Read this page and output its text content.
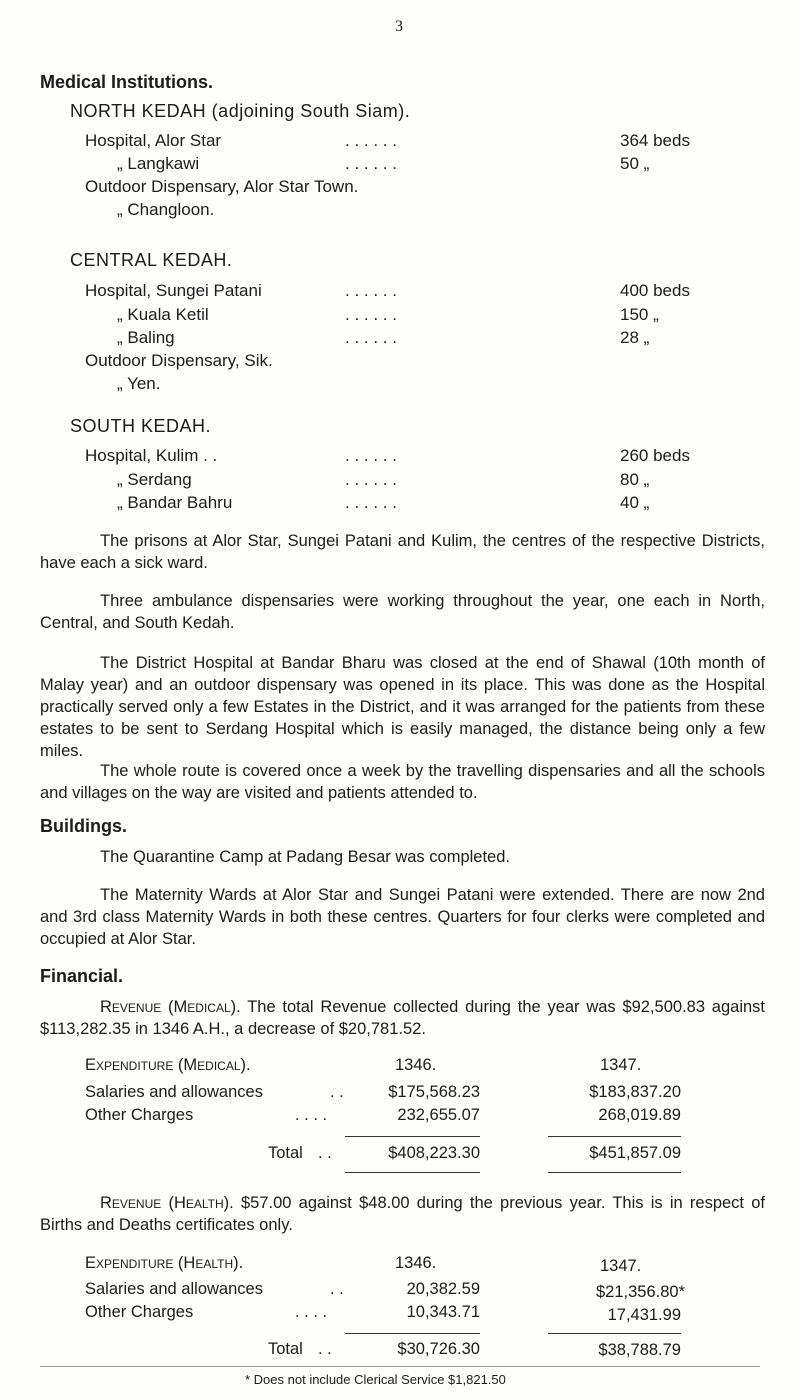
3
Medical Institutions.
NORTH KEDAH (adjoining South Siam).
Hospital, Alor Star	. . . . . .	364 beds
„ Langkawi	. . . . . .	50 „
Outdoor Dispensary, Alor Star Town.
„ Changloon.
CENTRAL KEDAH.
Hospital, Sungei Patani	. . . . . .	400 beds
„ Kuala Ketil	. . . . . .	150 „
„ Baling	. . . . . .	28 „
Outdoor Dispensary, Sik.
„ Yen.
SOUTH KEDAH.
Hospital, Kulim . .	. . . . . .	260 beds
„ Serdang	. . . . . .	80 „
„ Bandar Bahru	. . . . . .	40 „
The prisons at Alor Star, Sungei Patani and Kulim, the centres of the respective Districts, have each a sick ward.
Three ambulance dispensaries were working throughout the year, one each in North, Central, and South Kedah.
The District Hospital at Bandar Bharu was closed at the end of Shawal (10th month of Malay year) and an outdoor dispensary was opened in its place. This was done as the Hospital practically served only a few Estates in the District, and it was arranged for the patients from these estates to be sent to Serdang Hospital which is easily managed, the distance being only a few miles.
The whole route is covered once a week by the travelling dispensaries and all the schools and villages on the way are visited and patients attended to.
Buildings.
The Quarantine Camp at Padang Besar was completed.
The Maternity Wards at Alor Star and Sungei Patani were extended. There are now 2nd and 3rd class Maternity Wards in both these centres. Quarters for four clerks were completed and occupied at Alor Star.
Financial.
Revenue (Medical). The total Revenue collected during the year was $92,500.83 against $113,282.35 in 1346 A.H., a decrease of $20,781.52.
Expenditure (Medical).	1346.	1347.
Salaries and allowances	. .	$175,568.23	$183,837.20
Other Charges	. . . .	232,655.07	268,019.89
Total . .	$408,223.30	$451,857.09
Revenue (Health). $57.00 against $48.00 during the previous year. This is in respect of Births and Deaths certificates only.
Expenditure (Health).	1346.	1347.
Salaries and allowances	. .	20,382.59	$21,356.80*
Other Charges	. . . .	10,343.71	17,431.99
Total . .	$30,726.30	$38,788.79
* Does not include Clerical Service $1,821.50
